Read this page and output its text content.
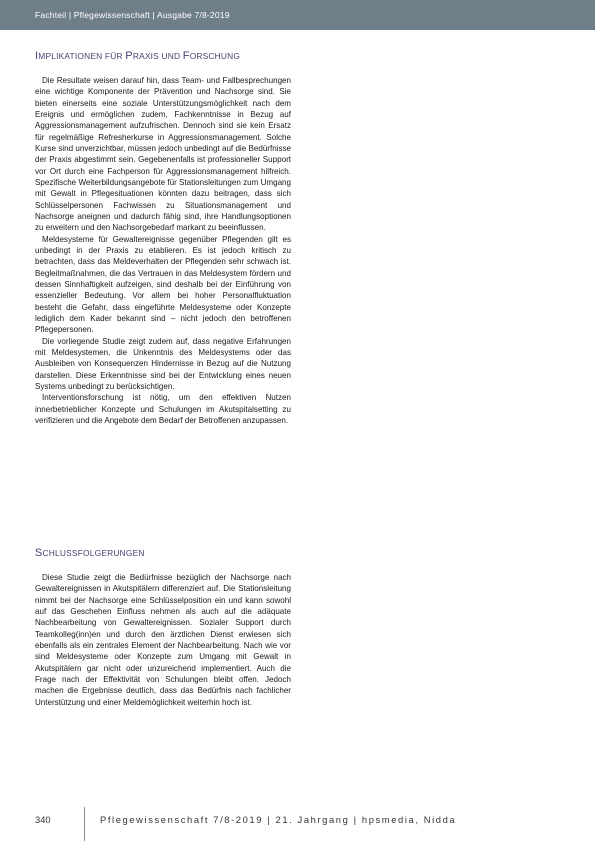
Fachteil | Pflegewissenschaft | Ausgabe 7/8-2019
IMPLIKATIONEN FÜR PRAXIS UND FORSCHUNG

Die Resultate weisen darauf hin, dass Team- und Fallbesprechungen eine wichtige Komponente der Prävention und Nachsorge sind. Sie bieten einerseits eine soziale Unterstützungsmöglichkeit nach dem Ereignis und ermöglichen zudem, Fachkenntnisse in Bezug auf Aggressionsmanagement aufzufrischen. Dennoch sind sie kein Ersatz für regelmäßige Refresherkurse in Aggressionsmanagement. Solche Kurse sind unverzichtbar, müssen jedoch unbedingt auf die Bedürfnisse der Praxis abgestimmt sein. Gegebenenfalls ist professioneller Support vor Ort durch eine Fachperson für Aggressionsmanagement hilfreich. Spezifische Weiterbildungsangebote für Stationsleitungen zum Umgang mit Gewalt in Pflegesituationen könnten dazu beitragen, dass sich Schlüsselpersonen Fachwissen zu Situationsmanagement und Nachsorge aneignen und dadurch fähig sind, ihre Handlungsoptionen zu erweitern und den Nachsorgebedarf markant zu beeinflussen.

Meldesysteme für Gewaltereignisse gegenüber Pflegenden gilt es unbedingt in der Praxis zu etablieren. Es ist jedoch kritisch zu betrachten, dass das Meldeverhalten der Pflegenden sehr schwach ist. Begleitmaßnahmen, die das Vertrauen in das Meldesystem fördern und dessen Sinnhaftigkeit aufzeigen, sind deshalb bei der Einführung von essenzieller Bedeutung. Vor allem bei hoher Personalfluktuation besteht die Gefahr, dass eingeführte Meldesysteme oder Konzepte lediglich dem Kader bekannt sind – nicht jedoch den betroffenen Pflegepersonen.

Die vorliegende Studie zeigt zudem auf, dass negative Erfahrungen mit Meldesystemen, die Unkenntnis des Meldesystems oder das Ausbleiben von Konsequenzen Hindernisse in Bezug auf die Nutzung darstellen. Diese Erkenntnisse sind bei der Entwicklung eines neuen Systems unbedingt zu berücksichtigen.

Interventionsforschung ist nötig, um den effektiven Nutzen innerbetrieblicher Konzepte und Schulungen im Akutspitalsetting zu verifizieren und die Angebote dem Bedarf der Betroffenen anzupassen.

SCHLUSSFOLGERUNGEN

Diese Studie zeigt die Bedürfnisse bezüglich der Nachsorge nach Gewaltereignissen in Akutspitälern differenziert auf. Die Stationsleitung nimmt bei der Nachsorge eine Schlüsselposition ein und kann sowohl auf das Geschehen Einfluss nehmen als auch auf die adäquate Nachbearbeitung von Gewaltereignissen. Sozialer Support durch Teamkolleg(inn)en und durch den ärztlichen Dienst erwiesen sich ebenfalls als ein zentrales Element der Nachbearbeitung. Nach wie vor sind Meldesysteme oder Konzepte zum Umgang mit Gewalt in Akutspitälern gar nicht oder unzureichend implementiert. Auch die Frage nach der Effektivität von Schulungen bleibt offen. Jedoch machen die Ergebnisse deutlich, dass das Bedürfnis nach fachlicher Unterstützung und einer Meldemöglichkeit weiterhin hoch ist.

340	Pflegewissenschaft 7/8-2019 | 21. Jahrgang | hpsmedia, Nidda
